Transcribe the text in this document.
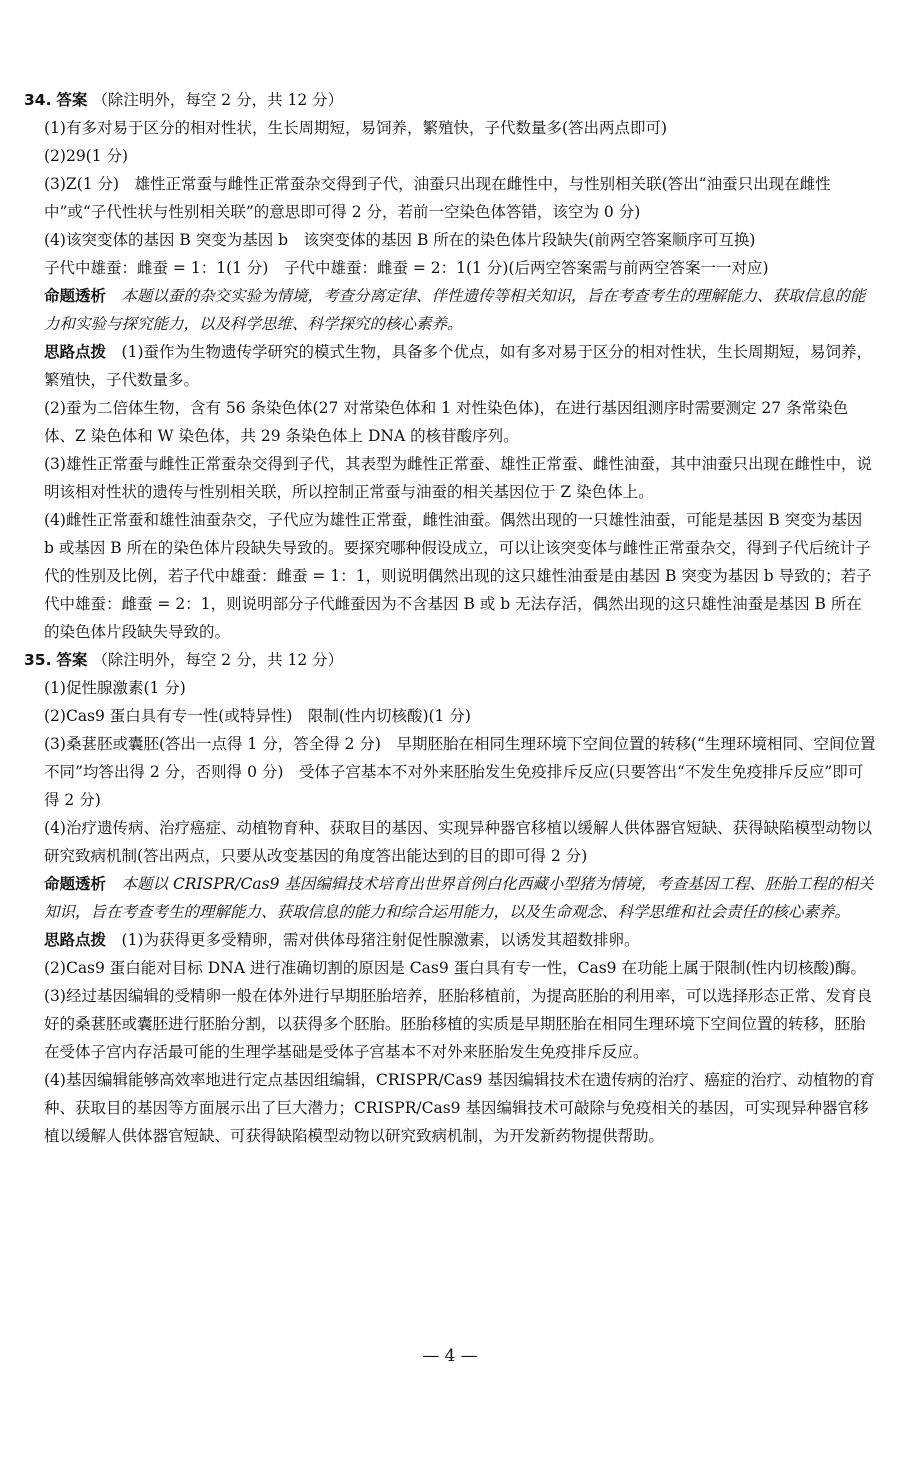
34. 答案 （除注明外，每空 2 分，共 12 分）
(1)有多对易于区分的相对性状，生长周期短，易饲养，繁殖快，子代数量多(答出两点即可)
(2)29(1 分)
(3)Z(1 分)　雄性正常蚕与雌性正常蚕杂交得到子代，油蚕只出现在雌性中，与性别相关联(答出“油蚕只出现在雌性中”或“子代性状与性别相关联”的意思即可得 2 分，若前一空染色体答错，该空为 0 分)
(4)该突变体的基因 B 突变为基因 b　该突变体的基因 B 所在的染色体片段缺失(前两空答案顺序可互换)
子代中雄蚕：雌蚕 = 1：1(1 分)　子代中雄蚕：雌蚕 = 2：1(1 分)(后两空答案需与前两空答案一一对应)
命题透析　 本题以蚕的杂交实验为情境，考查分离定律、伴性遗传等相关知识，旨在考查考生的理解能力、获取信息的能力和实验与探究能力，以及科学思维、科学探究的核心素养。
思路点拨　 (1)蚕作为生物遗传学研究的模式生物，具备多个优点，如有多对易于区分的相对性状，生长周期短，易饲养，繁殖快，子代数量多。
(2)蚕为二倍体生物，含有 56 条染色体(27 对常染色体和 1 对性染色体)，在进行基因组测序时需要测定 27 条常染色体、Z 染色体和 W 染色体，共 29 条染色体上 DNA 的核苷酸序列。
(3)雄性正常蚕与雌性正常蚕杂交得到子代，其表型为雌性正常蚕、雄性正常蚕、雌性油蚕，其中油蚕只出现在雌性中，说明该相对性状的遗传与性别相关联，所以控制正常蚕与油蚕的相关基因位于 Z 染色体上。
(4)雌性正常蚕和雄性油蚕杂交，子代应为雄性正常蚕，雌性油蚕。偶然出现的一只雄性油蚕，可能是基因 B 突变为基因 b 或基因 B 所在的染色体片段缺失导致的。要探究哪种假设成立，可以让该突变体与雌性正常蚕杂交，得到子代后统计子代的性别及比例，若子代中雄蚕：雌蚕 = 1：1，则说明偶然出现的这只雄性油蚕是由基因 B 突变为基因 b 导致的；若子代中雄蚕：雌蚕 = 2：1，则说明部分子代雌蚕因为不含基因 B 或 b 无法存活，偶然出现的这只雄性油蚕是基因 B 所在的染色体片段缺失导致的。
35. 答案 （除注明外，每空 2 分，共 12 分）
(1)促性腺激素(1 分)
(2)Cas9 蛋白具有专一性(或特异性)　限制(性内切核酸)(1 分)
(3)桑葚胚或囊胚(答出一点得 1 分，答全得 2 分)　早期胚胎在相同生理环境下空间位置的转移(“生理环境相同、空间位置不同”均答出得 2 分，否则得 0 分)　受体子宫基本不对外来胚胎发生免疫排斥反应(只要答出“不发生免疫排斥反应”即可得 2 分)
(4)治疗遗传病、治疗癌症、动植物育种、获取目的基因、实现异种器官移植以缓解人供体器官短缺、获得缺陷模型动物以研究致病机制(答出两点，只要从改变基因的角度答出能达到的目的即可得 2 分)
命题透析　 本题以 CRISPR/Cas9 基因编辑技术培育出世界首例白化西藏小型猪为情境，考查基因工程、胚胎工程的相关知识，旨在考查考生的理解能力、获取信息的能力和综合运用能力，以及生命观念、科学思维和社会责任的核心素养。
思路点拨　 (1)为获得更多受精卵，需对供体母猪注射促性腺激素，以诱发其超数排卵。
(2)Cas9 蛋白能对目标 DNA 进行准确切割的原因是 Cas9 蛋白具有专一性，Cas9 在功能上属于限制(性内切核酸)酶。
(3)经过基因编辑的受精卵一般在体外进行早期胚胎培养，胚胎移植前，为提高胚胎的利用率，可以选择形态正常、发育良好的桑葚胚或囊胚进行胚胎分割，以获得多个胚胎。胚胎移植的实质是早期胚胎在相同生理环境下空间位置的转移，胚胎在受体子宫内存活最可能的生理学基础是受体子宫基本不对外来胚胎发生免疫排斥反应。
(4)基因编辑能够高效率地进行定点基因组编辑，CRISPR/Cas9 基因编辑技术在遗传病的治疗、癌症的治疗、动植物的育种、获取目的基因等方面展示出了巨大潜力；CRISPR/Cas9 基因编辑技术可敲除与免疫相关的基因，可实现异种器官移植以缓解人供体器官短缺、可获得缺陷模型动物以研究致病机制，为开发新药物提供帮助。
— 4 —
